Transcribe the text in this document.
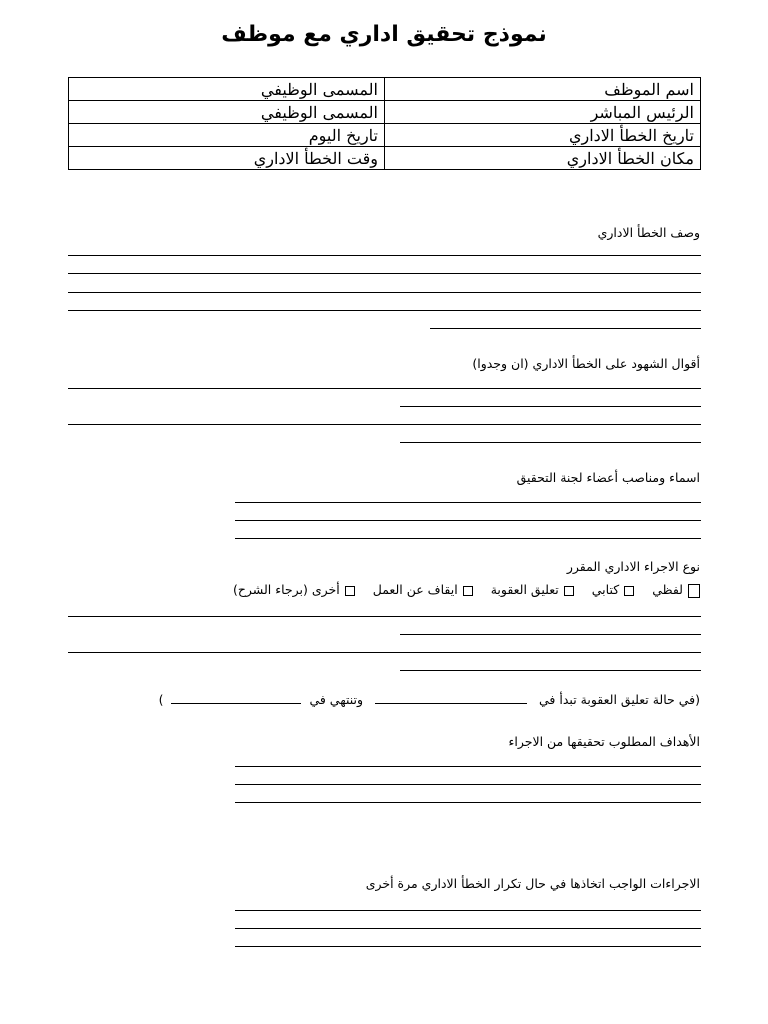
نموذج تحقيق اداري مع موظف
اسم الموظف	المسمى الوظيفي
الرئيس المباشر	المسمى الوظيفي
تاريخ الخطأ الاداري	تاريخ اليوم
مكان الخطأ الاداري	وقت الخطأ الاداري
وصف الخطأ الاداري
أقوال الشهود على الخطأ الاداري (ان وجدوا)
اسماء ومناصب أعضاء لجنة التحقيق
نوع الاجراء الاداري المقرر
لفظي كتابي تعليق العقوبة ايقاف عن العمل أخرى (برجاء الشرح)
(في حالة تعليق العقوبة تبدأ في  وتنتهي في  )
الأهداف المطلوب تحقيقها من الاجراء
الاجراءات الواجب اتخاذها في حال تكرار الخطأ الاداري مرة أخرى
